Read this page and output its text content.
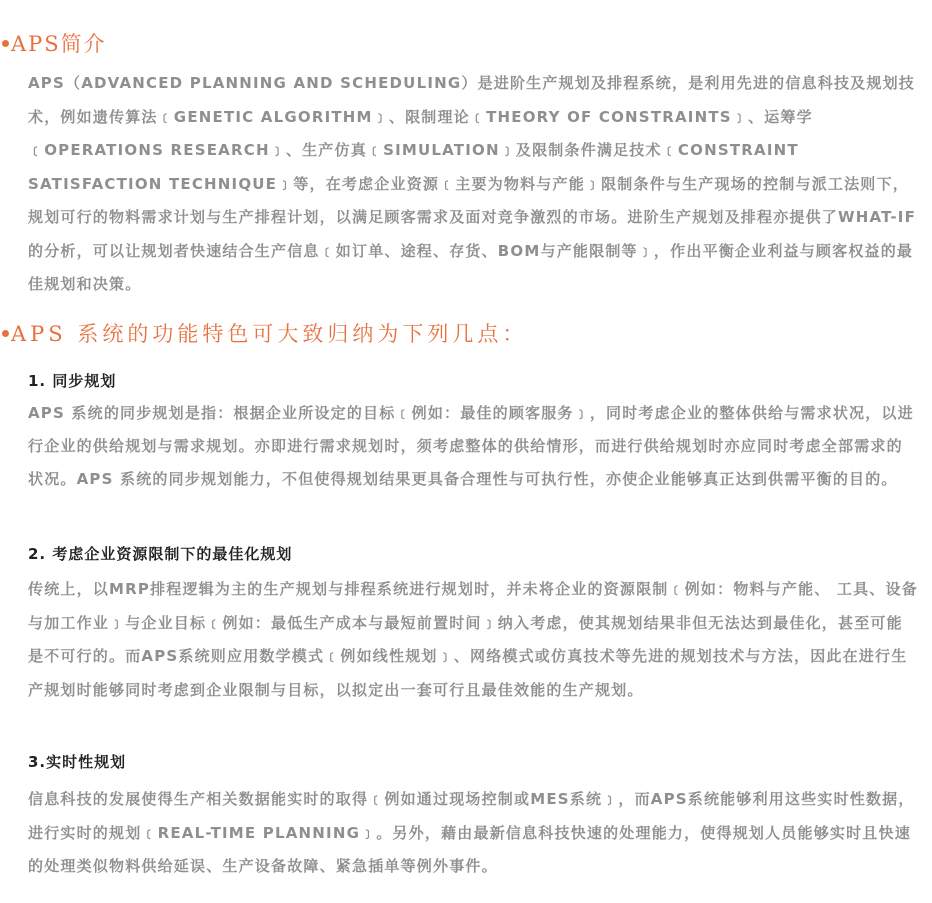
APS简介

APS（ADVANCED PLANNING AND SCHEDULING）是进阶生产规划及排程系统，是利用先进的信息科技及规划技术，例如遗传算法﹝GENETIC ALGORITHM﹞、限制理论﹝THEORY OF CONSTRAINTS﹞、运筹学 ﹝OPERATIONS RESEARCH﹞、生产仿真﹝SIMULATION﹞及限制条件满足技术﹝CONSTRAINT SATISFACTION TECHNIQUE﹞等，在考虑企业资源﹝主要为物料与产能﹞限制条件与生产现场的控制与派工法则下，规划可行的物料需求计划与生产排程计划，以满足顾客需求及面对竞争激烈的市场。进阶生产规划及排程亦提供了WHAT-IF 的分析，可以让规划者快速结合生产信息﹝如订单、途程、存货、BOM与产能限制等﹞，作出平衡企业利益与顾客权益的最佳规划和决策。

APS 系统的功能特色可大致归纳为下列几点：
1. 同步规划

APS 系统的同步规划是指：根据企业所设定的目标﹝例如：最佳的顾客服务﹞，同时考虑企业的整体供给与需求状况，以进行企业的供给规划与需求规划。亦即进行需求规划时，须考虑整体的供给情形，而进行供给规划时亦应同时考虑全部需求的状况。APS 系统的同步规划能力，不但使得规划结果更具备合理性与可执行性，亦使企业能够真正达到供需平衡的目的。

2. 考虑企业资源限制下的最佳化规划

传统上，以MRP排程逻辑为主的生产规划与排程系统进行规划时，并未将企业的资源限制﹝例如：物料与产能、 工具、设备与加工作业﹞与企业目标﹝例如：最低生产成本与最短前置时间﹞纳入考虑，使其规划结果非但无法达到最佳化，甚至可能是不可行的。而APS系统则应用数学模式﹝例如线性规划﹞、网络模式或仿真技术等先进的规划技术与方法，因此在进行生产规划时能够同时考虑到企业限制与目标，以拟定出一套可行且最佳效能的生产规划。

3.实时性规划

信息科技的发展使得生产相关数据能实时的取得﹝例如通过现场控制或MES系统﹞，而APS系统能够利用这些实时性数据，进行实时的规划﹝REAL-TIME PLANNING﹞。另外，藉由最新信息科技快速的处理能力，使得规划人员能够实时且快速的处理类似物料供给延误、生产设备故障、紧急插单等例外事件。
